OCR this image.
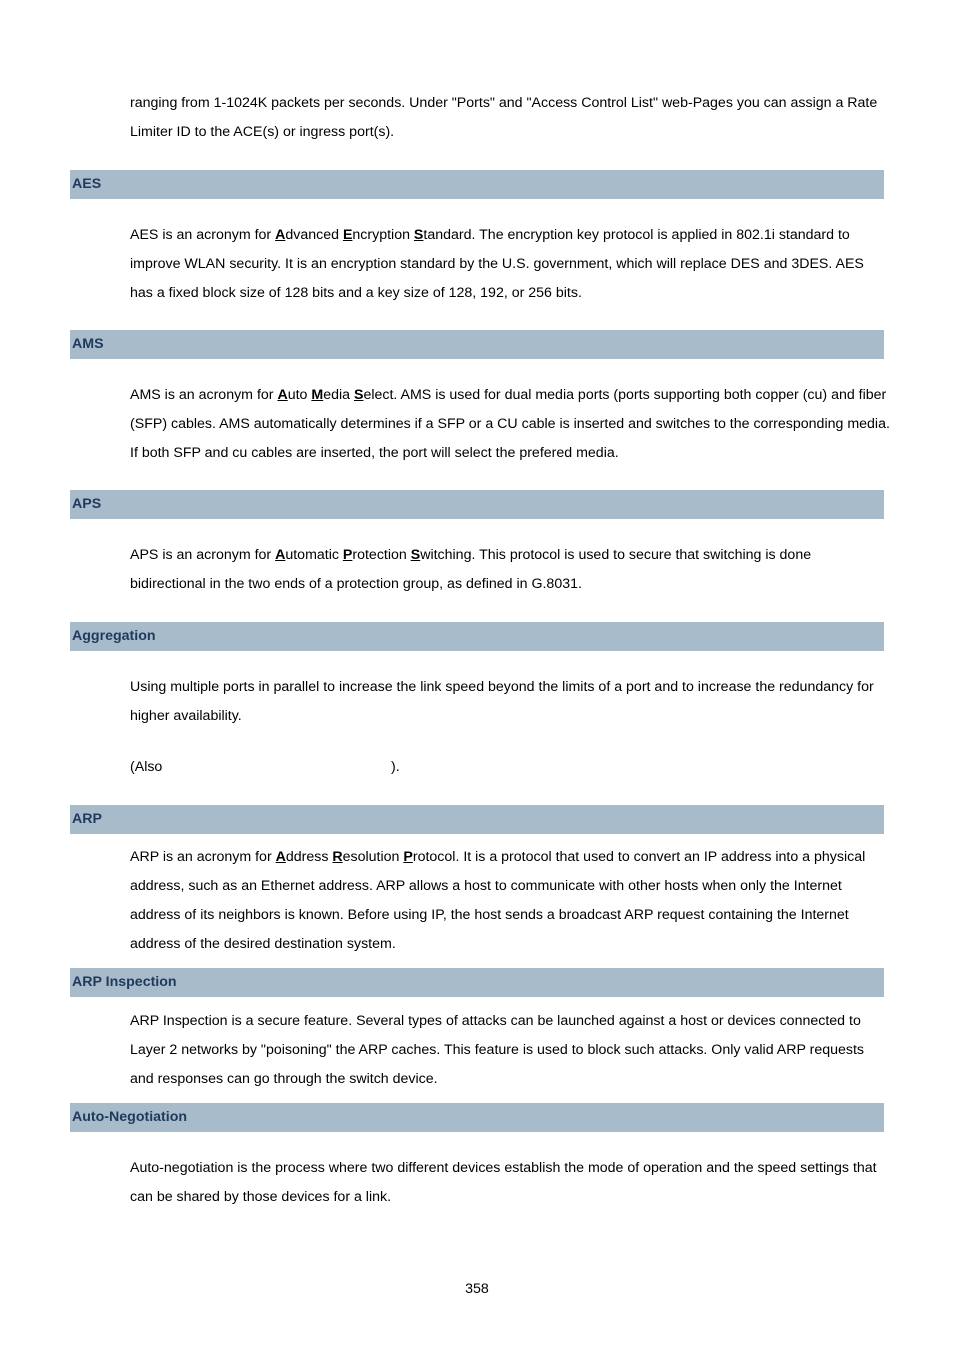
ranging from 1-1024K packets per seconds. Under "Ports" and "Access Control List" web-Pages you can assign a Rate Limiter ID to the ACE(s) or ingress port(s).

AES

AES is an acronym for Advanced Encryption Standard. The encryption key protocol is applied in 802.1i standard to improve WLAN security. It is an encryption standard by the U.S. government, which will replace DES and 3DES. AES has a fixed block size of 128 bits and a key size of 128, 192, or 256 bits.

AMS

AMS is an acronym for Auto Media Select. AMS is used for dual media ports (ports supporting both copper (cu) and fiber (SFP) cables. AMS automatically determines if a SFP or a CU cable is inserted and switches to the corresponding media. If both SFP and cu cables are inserted, the port will select the prefered media.

APS

APS is an acronym for Automatic Protection Switching. This protocol is used to secure that switching is done bidirectional in the two ends of a protection group, as defined in G.8031.

Aggregation

Using multiple ports in parallel to increase the link speed beyond the limits of a port and to increase the redundancy for higher availability.

(Also	).

ARP

ARP is an acronym for Address Resolution Protocol. It is a protocol that used to convert an IP address into a physical address, such as an Ethernet address. ARP allows a host to communicate with other hosts when only the Internet address of its neighbors is known. Before using IP, the host sends a broadcast ARP request containing the Internet address of the desired destination system.

ARP Inspection

ARP Inspection is a secure feature. Several types of attacks can be launched against a host or devices connected to Layer 2 networks by "poisoning" the ARP caches. This feature is used to block such attacks. Only valid ARP requests and responses can go through the switch device.

Auto-Negotiation

Auto-negotiation is the process where two different devices establish the mode of operation and the speed settings that can be shared by those devices for a link.

358
